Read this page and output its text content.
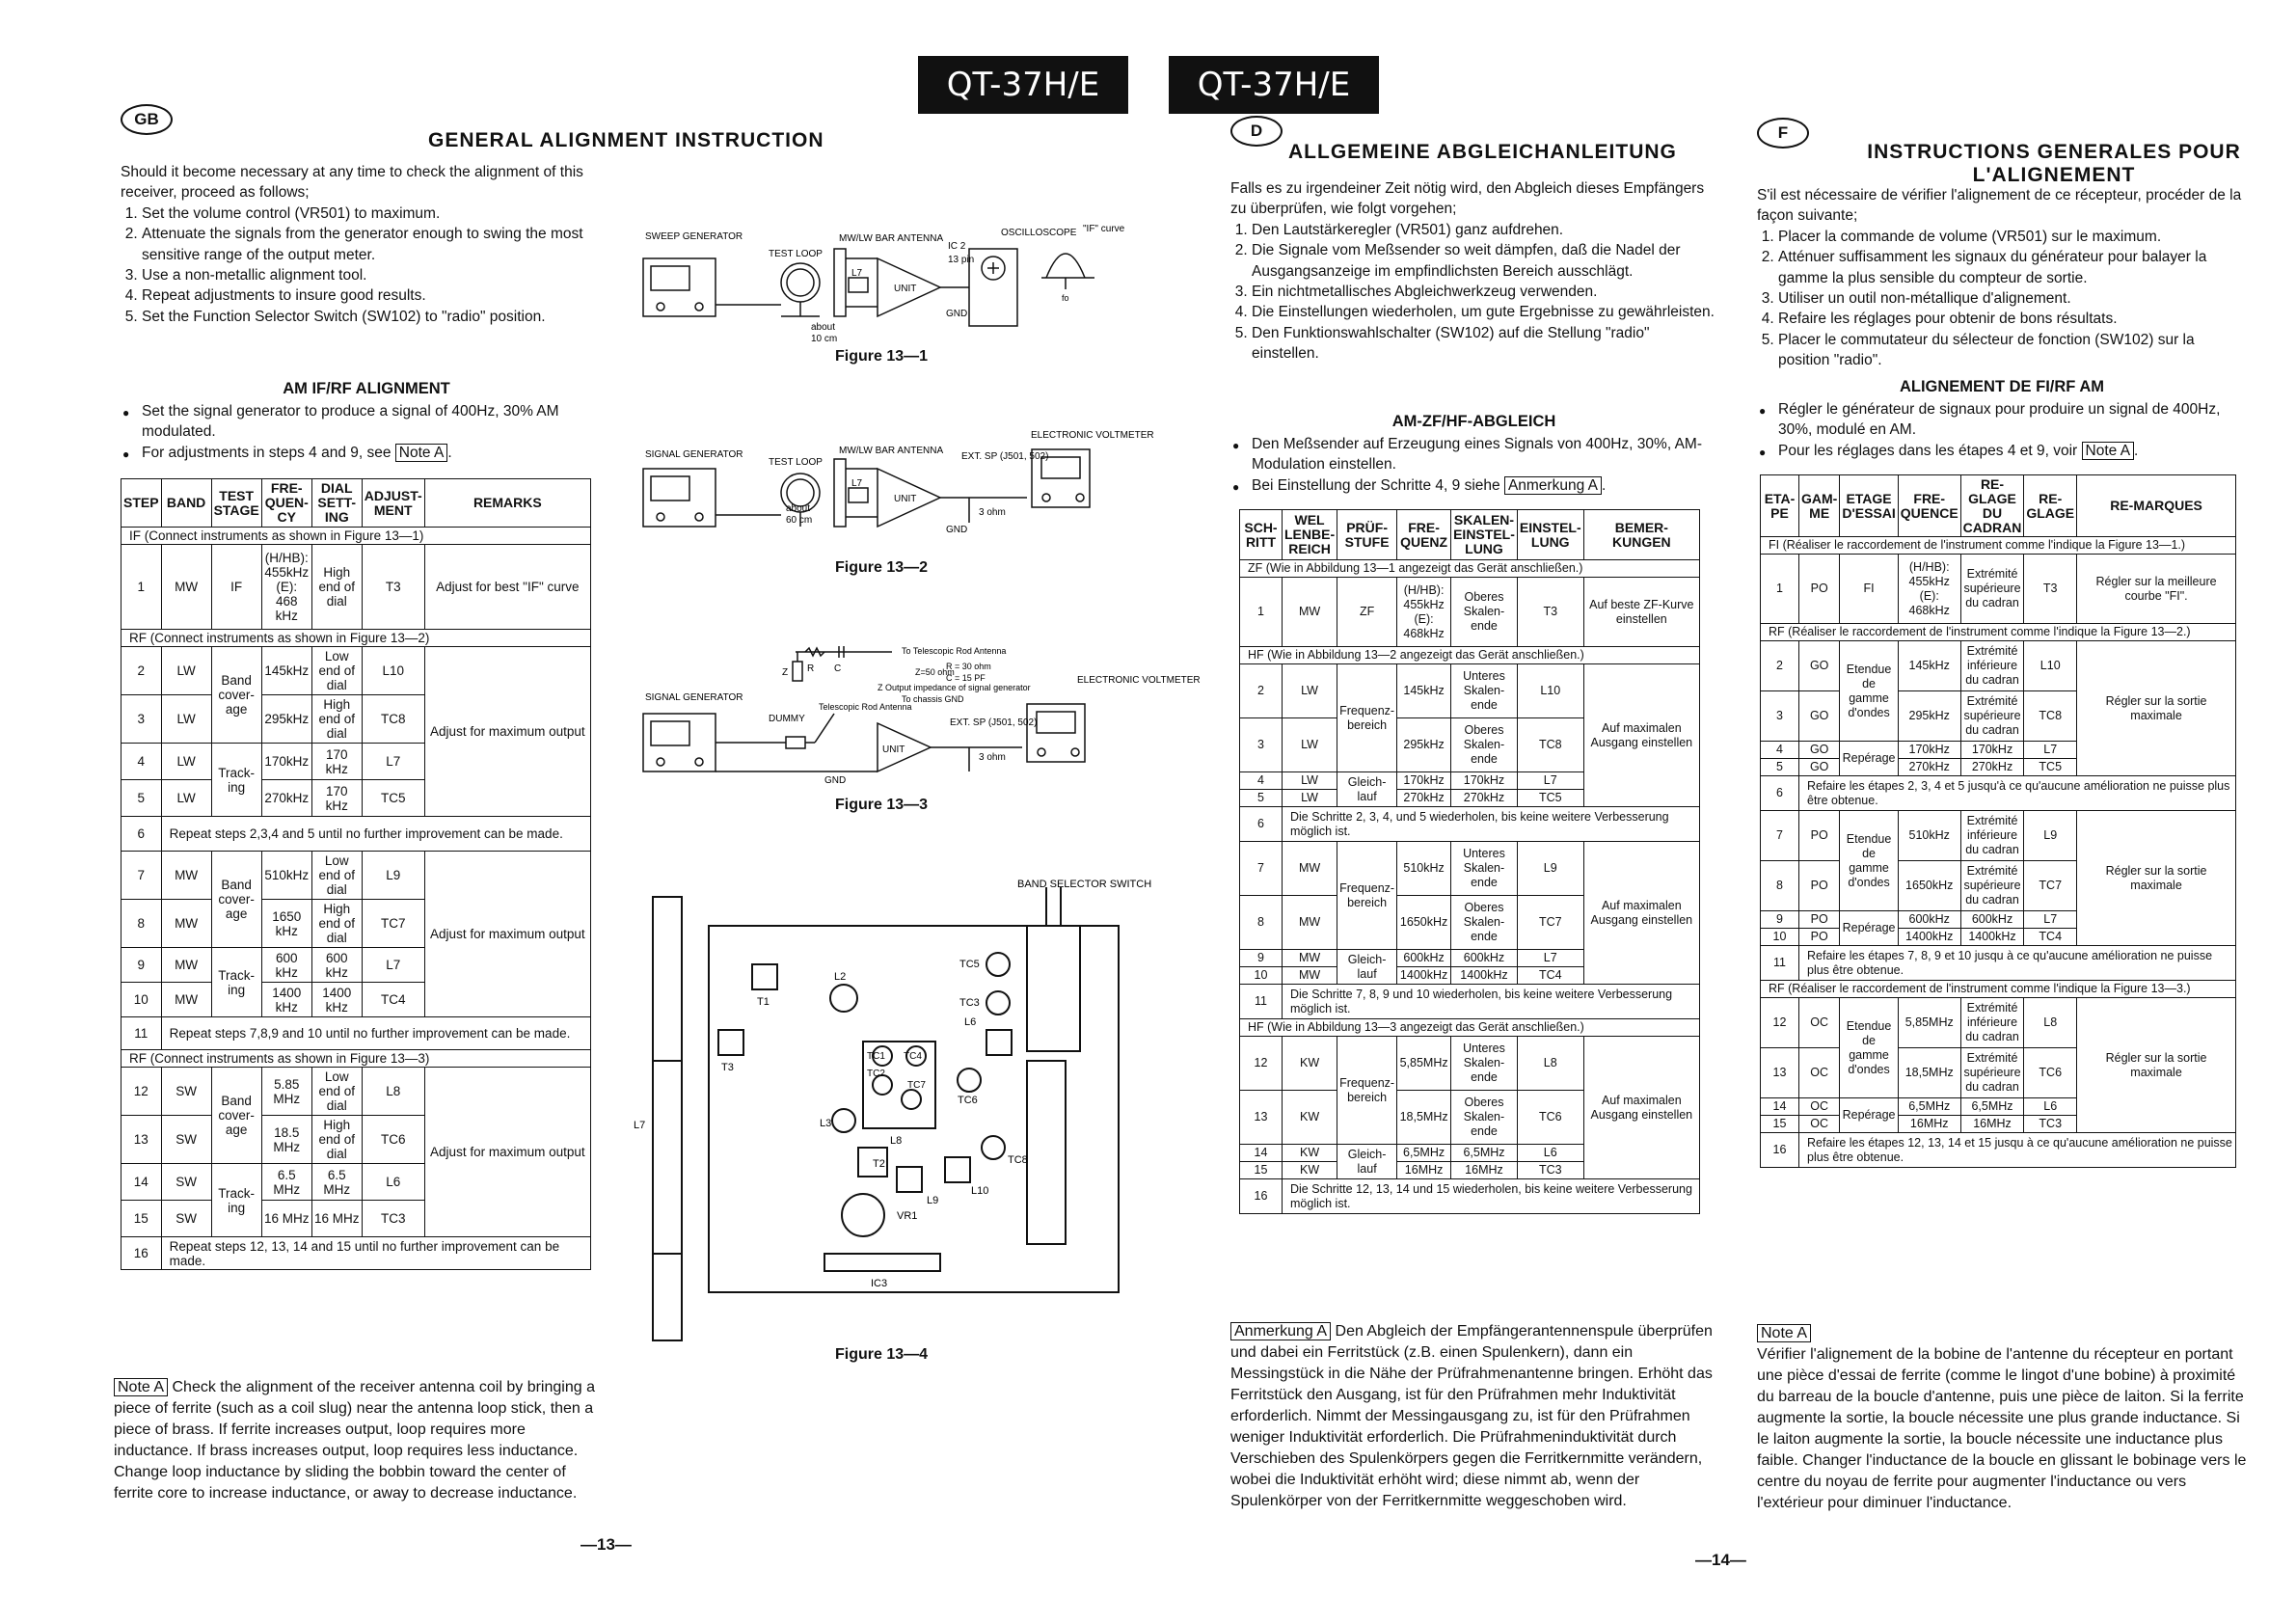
QT-37H/E	QT-37H/E
GB
GENERAL ALIGNMENT INSTRUCTION

Should it become necessary at any time to check the alignment of this receiver, proceed as follows;

1. Set the volume control (VR501) to maximum.
2. Attenuate the signals from the generator enough to swing the most sensitive range of the output meter.
3. Use a non-metallic alignment tool.
4. Repeat adjustments to insure good results.
5. Set the Function Selector Switch (SW102) to "radio" position.
AM IF/RF ALIGNMENT
● Set the signal generator to produce a signal of 400Hz, 30% AM modulated.
● For adjustments in steps 4 and 9, see Note A .
STEP	BAND	TEST STAGE	FRE-QUEN-CY	DIAL SETT-ING	ADJUST-MENT	REMARKS
IF (Connect instruments as shown in Figure 13—1)						
1	MW	IF	(H/HB): 455kHz (E): 468 kHz	High end of dial	T3	Adjust for best "IF" curve
RF (Connect instruments as shown in Figure 13—2)						
2	LW	Band cover-age	145kHz	Low end of dial	L10	Adjust for maximum output
3	LW		295kHz	High end of dial	TC8	
4	LW	Track-ing	170kHz	170 kHz	L7	
5	LW		270kHz	170 kHz	TC5	
6	Repeat steps 2,3,4 and 5 until no further improvement can be made.					
7	MW	Band cover-age	510kHz	Low end of dial	L9	Adjust for maximum output
8	MW		1650 kHz	High end of dial	TC7	
9	MW	Track-ing	600 kHz	600 kHz	L7	
10	MW		1400 kHz	1400 kHz	TC4	
11	Repeat steps 7,8,9 and 10 until no further improvement can be made.					
RF (Connect instruments as shown in Figure 13—3)						
12	SW	Band cover-age	5.85 MHz	Low end of dial	L8	Adjust for maximum output
13	SW		18.5 MHz	High end of dial	TC6	
14	SW	Track-ing	6.5 MHz	6.5 MHz	L6	
15	SW		16 MHz	16 MHz	TC3	
16	Repeat steps 12, 13, 14 and 15 until no further improvement can be made.					
Note A Check the alignment of the receiver antenna coil by bringing a piece of ferrite (such as a coil slug) near the antenna loop stick, then a piece of brass. If ferrite increases output, loop requires more inductance. If brass increases output, loop requires less inductance. Change loop inductance by sliding the bobbin toward the center of ferrite core to increase inductance, or away to decrease inductance.
—13—
SWEEP GENERATOR
TEST LOOP
MW/LW BAR ANTENNA
OSCILLOSCOPE "IF" curve
IC 2
13 pin
UNIT
L7
about
10 cm
GND
fo
Figure 13—1
SIGNAL GENERATOR
TEST LOOP
MW/LW BAR ANTENNA
ELECTRONIC VOLTMETER
EXT. SP (J501, 502)
UNIT
L7
about
60 cm
3 ohm
GND
Figure 13—2
To Telescopic Rod Antenna
R C
Z
R = 30 ohm
C = 15 PF
Z=50 ohm
Z Output impedance of signal generator
To chassis GND
SIGNAL GENERATOR
DUMMY
Telescopic Rod Antenna
EXT. SP (J501, 502)
ELECTRONIC VOLTMETER
UNIT
3 ohm
GND
Figure 13—3
BAND SELECTOR SWITCH
TC5
TC3
L6
L2
T1
T3
TC1 TC4
TC2
TC7
TC6
L3
L8
T2	TC8
L10
VR1
L9
IC3
L7
Figure 13—4
D
ALLGEMEINE ABGLEICHANLEITUNG

Falls es zu irgendeiner Zeit nötig wird, den Abgleich dieses Empfängers zu überprüfen, wie folgt vorgehen;

1. Den Lautstärkeregler (VR501) ganz aufdrehen.
2. Die Signale vom Meßsender so weit dämpfen, daß die Nadel der Ausgangsanzeige im empfindlichsten Bereich ausschlägt.
3. Ein nichtmetallisches Abgleichwerkzeug verwenden.
4. Die Einstellungen wiederholen, um gute Ergebnisse zu gewährleisten.
5. Den Funktionswahlschalter (SW102) auf die Stellung "radio" einstellen.
AM-ZF/HF-ABGLEICH
● Den Meßsender auf Erzeugung eines Signals von 400Hz, 30%, AM-Modulation einstellen.
● Bei Einstellung der Schritte 4, 9 siehe Anmerkung A .
SCH-RITT	WEL LENBE-REICH	PRÜF-STUFE	FRE-QUENZ	SKALEN-EINSTEL-LUNG	EINSTEL-LUNG	BEMER-KUNGEN
ZF (Wie in Abbildung 13—1 angezeigt das Gerät anschließen.)						
1	MW	ZF	(H/HB): 455kHz (E): 468kHz	Oberes Skalen-ende	T3	Auf beste ZF-Kurve einstellen
HF (Wie in Abbildung 13—2 angezeigt das Gerät anschließen.)						
2	LW	Frequenz-bereich	145kHz	Unteres Skalen-ende	L10	Auf maximalen Ausgang einstellen
3	LW		295kHz	Oberes Skalen-ende	TC8	
4	LW	Gleich-lauf	170kHz	170kHz	L7	
5	LW		270kHz	270kHz	TC5	
6	Die Schritte 2, 3, 4, und 5 wiederholen, bis keine weitere Verbesserung möglich ist.					
7	MW	Frequenz-bereich	510kHz	Unteres Skalen-ende	L9	Auf maximalen Ausgang einstellen
8	MW		1650kHz	Oberes Skalen-ende	TC7	
9	MW	Gleich-lauf	600kHz	600kHz	L7	
10	MW		1400kHz	1400kHz	TC4	
11	Die Schritte 7, 8, 9 und 10 wiederholen, bis keine weitere Verbesserung möglich ist.					
HF (Wie in Abbildung 13—3 angezeigt das Gerät anschließen.)						
12	KW	Frequenz-bereich	5,85MHz	Unteres Skalen-ende	L8	Auf maximalen Ausgang einstellen
13	KW		18,5MHz	Oberes Skalen-ende	TC6	
14	KW	Gleich-lauf	6,5MHz	6,5MHz	L6	
15	KW		16MHz	16MHz	TC3	
16	Die Schritte 12, 13, 14 und 15 wiederholen, bis keine weitere Verbesserung möglich ist.					
Anmerkung A Den Abgleich der Empfängerantennenspule überprüfen und dabei ein Ferritstück (z.B. einen Spulenkern), dann ein Messingstück in die Nähe der Prüfrahmenantenne bringen. Erhöht das Ferritstück den Ausgang, ist für den Prüfrahmen mehr Induktivität erforderlich. Nimmt der Messingausgang zu, ist für den Prüfrahmen weniger Induktivität erforderlich. Die Prüfrahmeninduktivität durch Verschieben des Spulenkörpers gegen die Ferritkernmitte verändern, wobei die Induktivität erhöht wird; diese nimmt ab, wenn der Spulenkörper von der Ferritkernmitte weggeschoben wird.
—14—
F
INSTRUCTIONS GENERALES POUR L'ALIGNEMENT

S'il est nécessaire de vérifier l'alignement de ce récepteur, procéder de la façon suivante;

1. Placer la commande de volume (VR501) sur le maximum.
2. Atténuer suffisamment les signaux du générateur pour balayer la gamme la plus sensible du compteur de sortie.
3. Utiliser un outil non-métallique d'alignement.
4. Refaire les réglages pour obtenir de bons résultats.
5. Placer le commutateur du sélecteur de fonction (SW102) sur la position "radio".
ALIGNEMENT DE FI/RF AM
● Régler le générateur de signaux pour produire un signal de 400Hz, 30%, modulé en AM.
● Pour les réglages dans les étapes 4 et 9, voir Note A .
ETA-PE	GAM-ME	ETAGE D'ESSAI	FRE-QUENCE	RE-GLAGE DU CADRAN	RE-GLAGE	RE-MARQUES
FI (Réaliser le raccordement de l'instrument comme l'indique la Figure 13—1.)						
1	PO	FI	(H/HB): 455kHz (E): 468kHz	Extrémité supérieure du cadran	T3	Régler sur la meilleure courbe "FI".
RF (Réaliser le raccordement de l'instrument comme l'indique la Figure 13—2.)						
2	GO	Etendue de gamme d'ondes	145kHz	Extrémité inférieure du cadran	L10	Régler sur la sortie maximale
3	GO		295kHz	Extrémité supérieure du cadran	TC8	
4	GO	Repérage	170kHz	170kHz	L7	
5	GO		270kHz	270kHz	TC5	
6	Refaire les étapes 2, 3, 4 et 5 jusqu'à ce qu'aucune amélioration ne puisse plus être obtenue.					
7	PO	Etendue de gamme d'ondes	510kHz	Extrémité inférieure du cadran	L9	Régler sur la sortie maximale
8	PO		1650kHz	Extrémité supérieure du cadran	TC7	
9	PO	Repérage	600kHz	600kHz	L7	
10	PO		1400kHz	1400kHz	TC4	
11	Refaire les étapes 7, 8, 9 et 10 jusqu à ce qu'aucune amélioration ne puisse plus être obtenue.					
RF (Réaliser le raccordement de l'instrument comme l'indique la Figure 13—3.)						
12	OC	Etendue de gamme d'ondes	5,85MHz	Extrémité inférieure du cadran	L8	Régler sur la sortie maximale
13	OC		18,5MHz	Extrémité supérieure du cadran	TC6	
14	OC	Repérage	6,5MHz	6,5MHz	L6	
15	OC		16MHz	16MHz	TC3	
16	Refaire les étapes 12, 13, 14 et 15 jusqu à ce qu'aucune amélioration ne puisse plus être obtenue.					
Note A
Vérifier l'alignement de la bobine de l'antenne du récepteur en portant une pièce d'essai de ferrite (comme le lingot d'une bobine) à proximité du barreau de la boucle d'antenne, puis une pièce de laiton. Si la ferrite augmente la sortie, la boucle nécessite une plus grande inductance. Si le laiton augmente la sortie, la boucle nécessite une inductance plus faible. Changer l'inductance de la boucle en glissant le bobinage vers le centre du noyau de ferrite pour augmenter l'inductance ou vers l'extérieur pour diminuer l'inductance.
